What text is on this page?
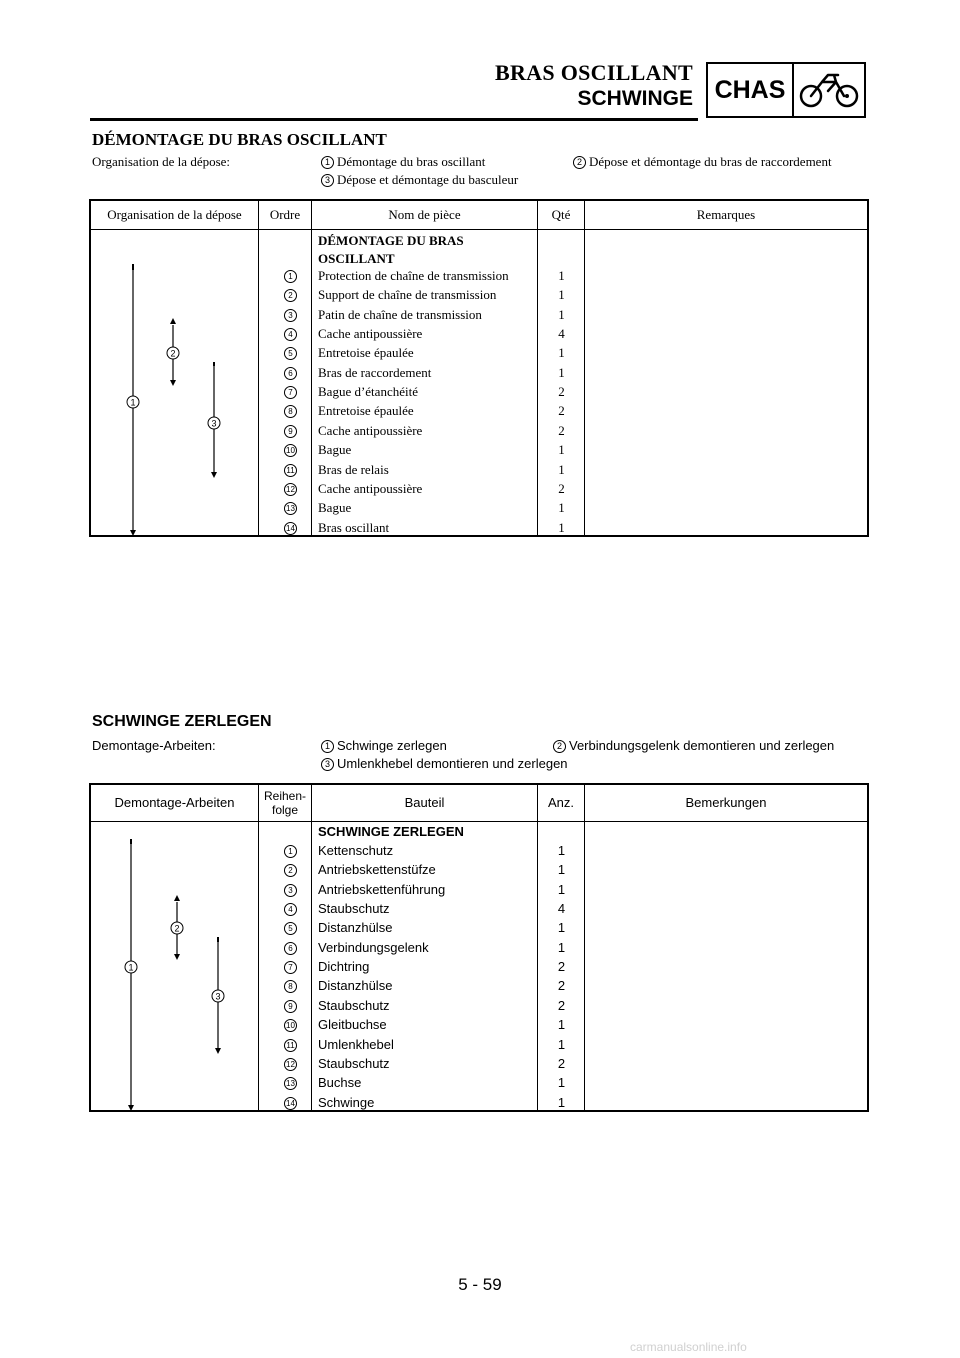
BRAS OSCILLANT
SCHWINGE CHAS
DÉMONTAGE DU BRAS OSCILLANT
Organisation de la dépose:	1 Démontage du bras oscillant	2 Dépose et démontage du bras de raccordement
3 Dépose et démontage du basculeur
Organisation de la dépose	Ordre	Nom de pièce	Qté	Remarques
DÉMONTAGE DU BRAS
OSCILLANT
1
2
3
1 Protection de chaîne de transmission	1
2 Support de chaîne de transmission	1
3 Patin de chaîne de transmission	1
4 Cache antipoussière	4
5 Entretoise épaulée	1
6 Bras de raccordement	1
7 Bague d’étanchéité	2
8 Entretoise épaulée	2
9 Cache antipoussière	2
10 Bague	1
11 Bras de relais	1
12 Cache antipoussière	2
13 Bague	1
14 Bras oscillant	1
SCHWINGE ZERLEGEN
Demontage-Arbeiten:	1 Schwinge zerlegen	2 Verbindungsgelenk demontieren und zerlegen
3 Umlenkhebel demontieren und zerlegen
Demontage-Arbeiten	Reihen-
folge	Bauteil	Anz.	Bemerkungen
SCHWINGE ZERLEGEN
1
2
3
1 Kettenschutz	1
2 Antriebskettenstüfze	1
3 Antriebskettenführung	1
4 Staubschutz	4
5 Distanzhülse	1
6 Verbindungsgelenk	1
7 Dichtring	2
8 Distanzhülse	2
9 Staubschutz	2
10 Gleitbuchse	1
11 Umlenkhebel	1
12 Staubschutz	2
13 Buchse	1
14 Schwinge	1
5 - 59
carmanualsonline.info
